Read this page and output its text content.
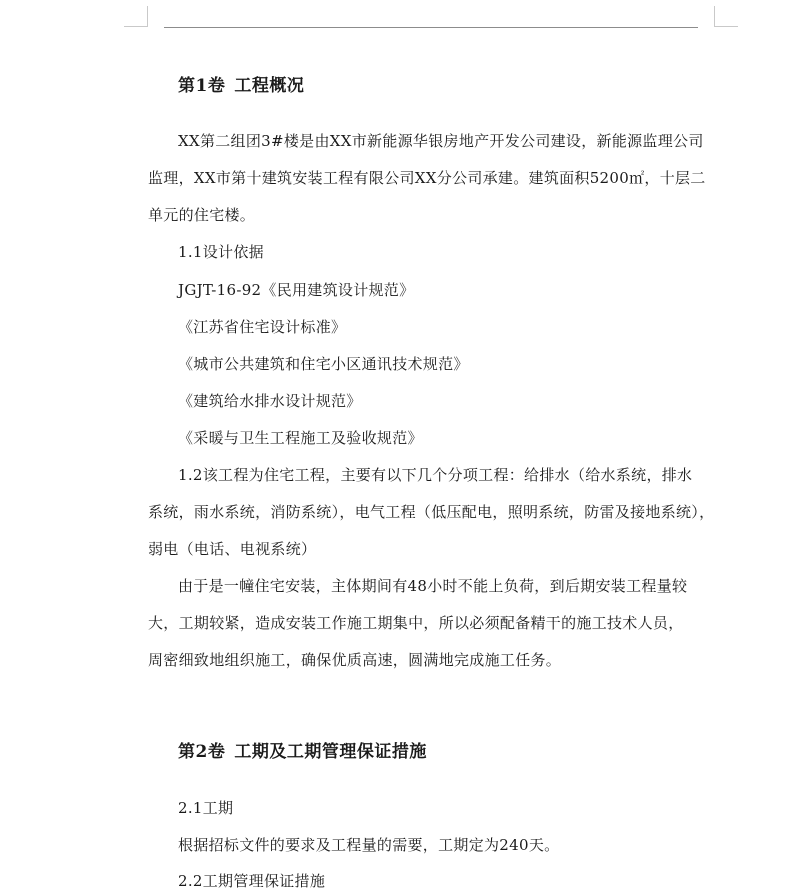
第1卷 工程概况
XX第二组团3#楼是由XX市新能源华银房地产开发公司建设，新能源监理公司
监理，XX市第十建筑安装工程有限公司XX分公司承建。建筑面积5200㎡，十层二
单元的住宅楼。
1.1设计依据
JGJT-16-92《民用建筑设计规范》
《江苏省住宅设计标准》
《城市公共建筑和住宅小区通讯技术规范》
《建筑给水排水设计规范》
《采暖与卫生工程施工及验收规范》
1.2该工程为住宅工程，主要有以下几个分项工程：给排水（给水系统，排水
系统，雨水系统，消防系统），电气工程（低压配电，照明系统，防雷及接地系统），
弱电（电话、电视系统）
由于是一幢住宅安装，主体期间有48小时不能上负荷，到后期安装工程量较
大，工期较紧，造成安装工作施工期集中，所以必须配备精干的施工技术人员，
周密细致地组织施工，确保优质高速，圆满地完成施工任务。
第2卷 工期及工期管理保证措施
2.1工期
根据招标文件的要求及工程量的需要，工期定为240天。
2.2工期管理保证措施
